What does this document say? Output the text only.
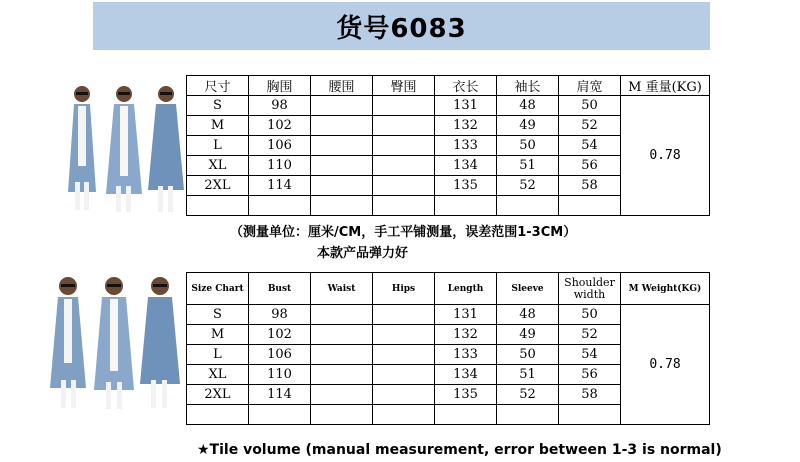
货号6083
尺寸	胸围	腰围	臀围	衣长	袖长	肩宽	M 重量(KG)
S	98			131	48	50	0.78
M	102			132	49	52	
L	106			133	50	54	
XL	110			134	51	56	
2XL	114			135	52	58	

（测量单位：厘米/CM，手工平铺测量，误差范围1-3CM）
本款产品弹力好
Size Chart	Bust	Waist	Hips	Length	Sleeve	Shoulder width	M Weight(KG)
S	98			131	48	50	0.78
M	102			132	49	52	
L	106			133	50	54	
XL	110			134	51	56	
2XL	114			135	52	58	

★Tile volume (manual measurement, error between 1-3 is normal)
